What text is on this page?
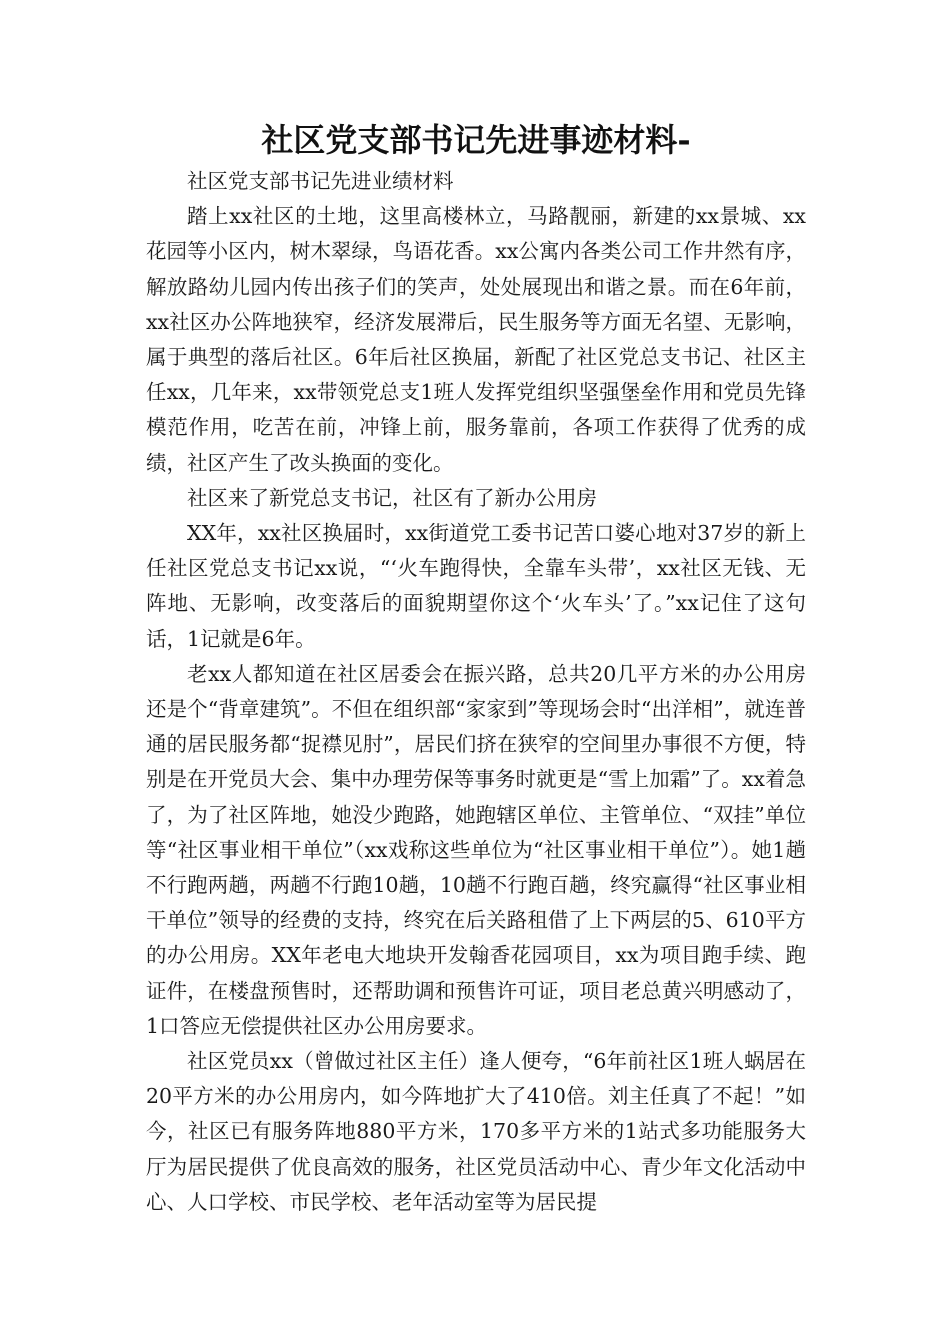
社区党支部书记先进事迹材料-

社区党支部书记先进业绩材料

踏上xx社区的土地，这里高楼林立，马路靓丽，新建的xx景城、xx花园等小区内，树木翠绿，鸟语花香。xx公寓内各类公司工作井然有序，解放路幼儿园内传出孩子们的笑声，处处展现出和谐之景。而在6年前，xx社区办公阵地狭窄，经济发展滞后，民生服务等方面无名望、无影响，属于典型的落后社区。6年后社区换届，新配了社区党总支书记、社区主任xx，几年来，xx带领党总支1班人发挥党组织坚强堡垒作用和党员先锋模范作用，吃苦在前，冲锋上前，服务靠前，各项工作获得了优秀的成绩，社区产生了改头换面的变化。

社区来了新党总支书记，社区有了新办公用房

XX年，xx社区换届时，xx街道党工委书记苦口婆心地对37岁的新上任社区党总支书记xx说，“‘火车跑得快，全靠车头带’，xx社区无钱、无阵地、无影响，改变落后的面貌期望你这个‘火车头’了。”xx记住了这句话，1记就是6年。

老xx人都知道在社区居委会在振兴路，总共20几平方米的办公用房还是个“背章建筑”。不但在组织部“家家到”等现场会时“出洋相”，就连普通的居民服务都“捉襟见肘”，居民们挤在狭窄的空间里办事很不方便，特别是在开党员大会、集中办理劳保等事务时就更是“雪上加霜”了。xx着急了，为了社区阵地，她没少跑路，她跑辖区单位、主管单位、“双挂”单位等“社区事业相干单位”（xx戏称这些单位为“社区事业相干单位”）。她1趟不行跑两趟，两趟不行跑10趟，10趟不行跑百趟，终究赢得“社区事业相干单位”领导的经费的支持，终究在后关路租借了上下两层的5、610平方的办公用房。XX年老电大地块开发翰香花园项目，xx为项目跑手续、跑证件，在楼盘预售时，还帮助调和预售许可证，项目老总黄兴明感动了，1口答应无偿提供社区办公用房要求。

社区党员xx（曾做过社区主任）逢人便夸，“6年前社区1班人蜗居在20平方米的办公用房内，如今阵地扩大了410倍。刘主任真了不起！”如今，社区已有服务阵地880平方米，170多平方米的1站式多功能服务大厅为居民提供了优良高效的服务，社区党员活动中心、青少年文化活动中心、人口学校、市民学校、老年活动室等为居民提
